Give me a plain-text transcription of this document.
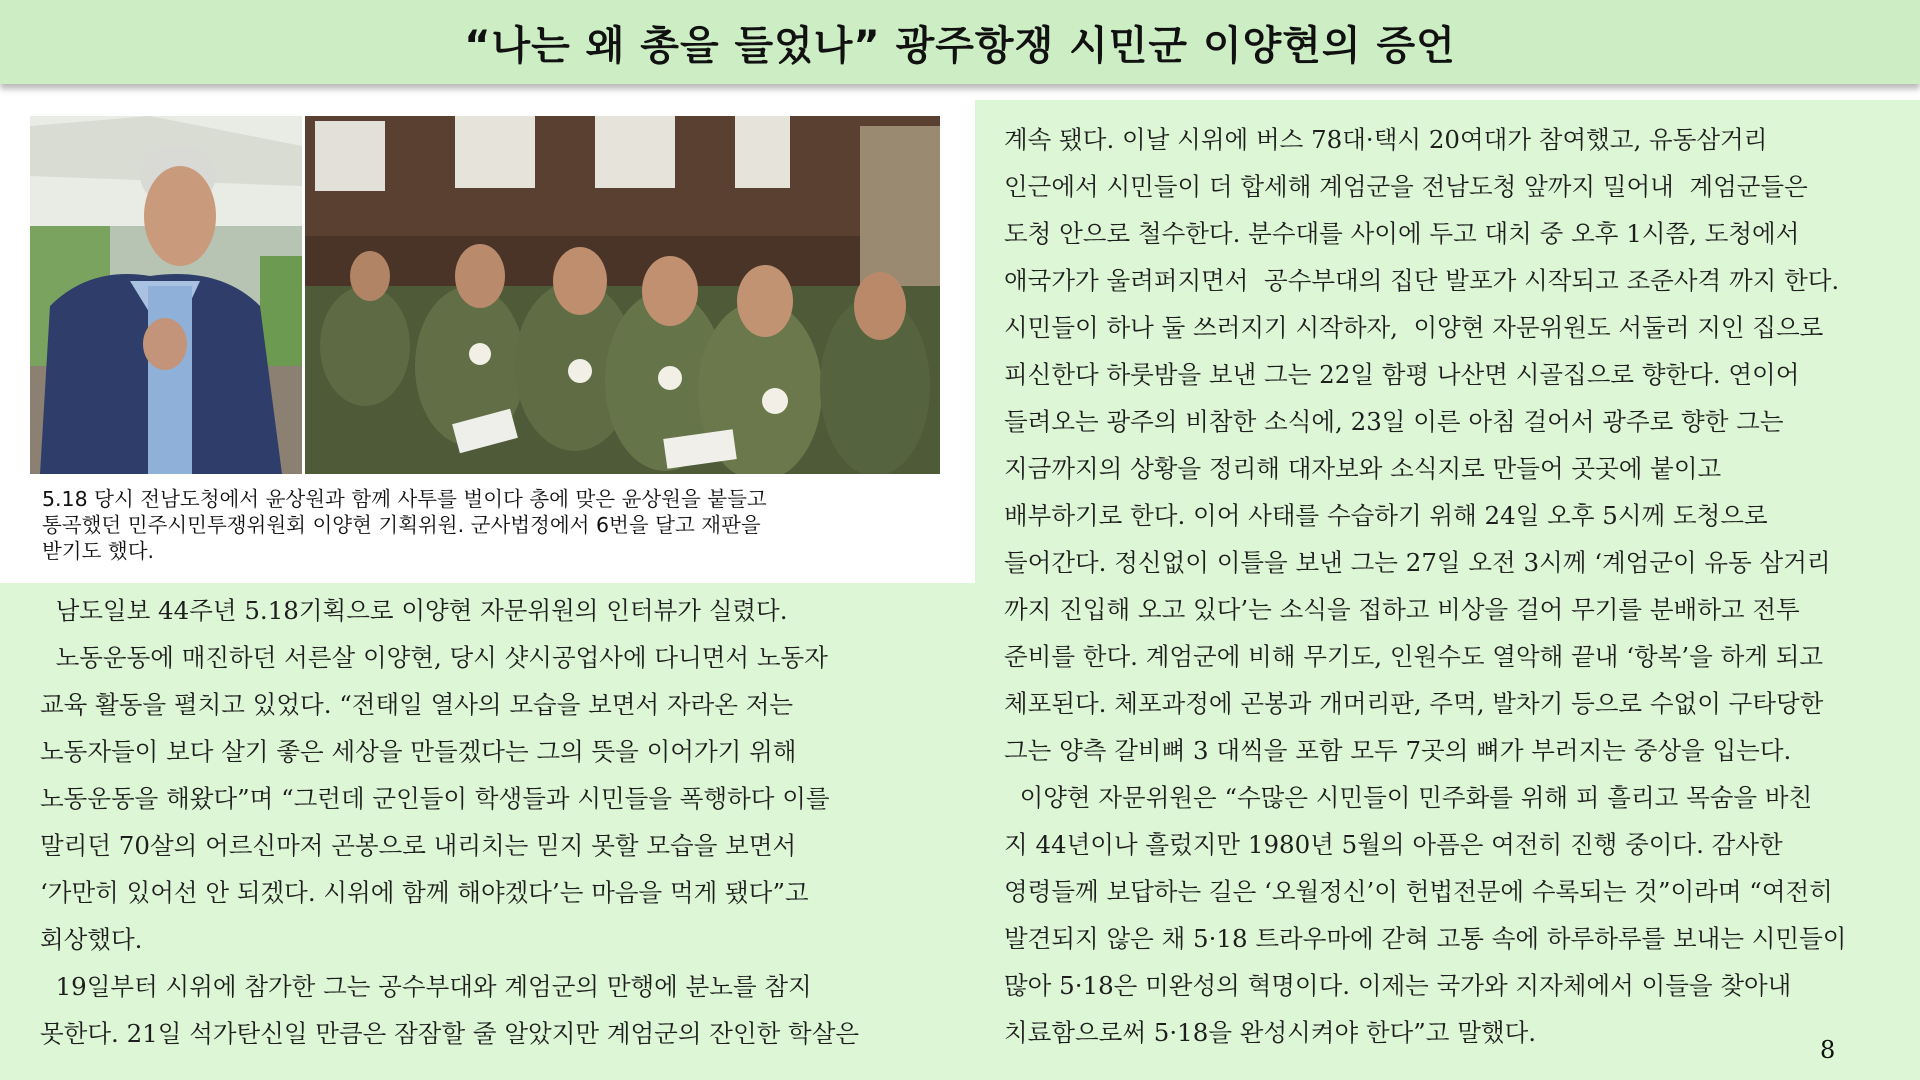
“나는 왜 총을 들었나” 광주항쟁 시민군 이양현의 증언
5.18 당시 전남도청에서 윤상원과 함께 사투를 벌이다 총에 맞은 윤상원을 붙들고
통곡했던 민주시민투쟁위원회 이양현 기획위원. 군사법정에서 6번을 달고 재판을
받기도 했다.
남도일보 44주년 5.18기획으로 이양현 자문위원의 인터뷰가 실렸다.
노동운동에 매진하던 서른살 이양현, 당시 샷시공업사에 다니면서 노동자
교육 활동을 펼치고 있었다. “전태일 열사의 모습을 보면서 자라온 저는
노동자들이 보다 살기 좋은 세상을 만들겠다는 그의 뜻을 이어가기 위해
노동운동을 해왔다”며 “그런데 군인들이 학생들과 시민들을 폭행하다 이를
말리던 70살의 어르신마저 곤봉으로 내리치는 믿지 못할 모습을 보면서
‘가만히 있어선 안 되겠다. 시위에 함께 해야겠다’는 마음을 먹게 됐다”고
회상했다.
19일부터 시위에 참가한 그는 공수부대와 계엄군의 만행에 분노를 참지
못한다. 21일 석가탄신일 만큼은 잠잠할 줄 알았지만 계엄군의 잔인한 학살은
계속 됐다. 이날 시위에 버스 78대·택시 20여대가 참여했고, 유동삼거리
인근에서 시민들이 더 합세해 계엄군을 전남도청 앞까지 밀어내  계엄군들은
도청 안으로 철수한다. 분수대를 사이에 두고 대치 중 오후 1시쯤, 도청에서
애국가가 울려퍼지면서  공수부대의 집단 발포가 시작되고 조준사격 까지 한다.
시민들이 하나 둘 쓰러지기 시작하자,  이양현 자문위원도 서둘러 지인 집으로
피신한다 하룻밤을 보낸 그는 22일 함평 나산면 시골집으로 향한다. 연이어
들려오는 광주의 비참한 소식에, 23일 이른 아침 걸어서 광주로 향한 그는
지금까지의 상황을 정리해 대자보와 소식지로 만들어 곳곳에 붙이고
배부하기로 한다. 이어 사태를 수습하기 위해 24일 오후 5시께 도청으로
들어간다. 정신없이 이틀을 보낸 그는 27일 오전 3시께 ‘계엄군이 유동 삼거리
까지 진입해 오고 있다’는 소식을 접하고 비상을 걸어 무기를 분배하고 전투
준비를 한다. 계엄군에 비해 무기도, 인원수도 열악해 끝내 ‘항복’을 하게 되고
체포된다. 체포과정에 곤봉과 개머리판, 주먹, 발차기 등으로 수없이 구타당한
그는 양측 갈비뼈 3 대씩을 포함 모두 7곳의 뼈가 부러지는 중상을 입는다.
이양현 자문위원은 “수많은 시민들이 민주화를 위해 피 흘리고 목숨을 바친
지 44년이나 흘렀지만 1980년 5월의 아픔은 여전히 진행 중이다. 감사한
영령들께 보답하는 길은 ‘오월정신’이 헌법전문에 수록되는 것”이라며 “여전히
발견되지 않은 채 5·18 트라우마에 갇혀 고통 속에 하루하루를 보내는 시민들이
많아 5·18은 미완성의 혁명이다. 이제는 국가와 지자체에서 이들을 찾아내
치료함으로써 5·18을 완성시켜야 한다”고 말했다.
8
